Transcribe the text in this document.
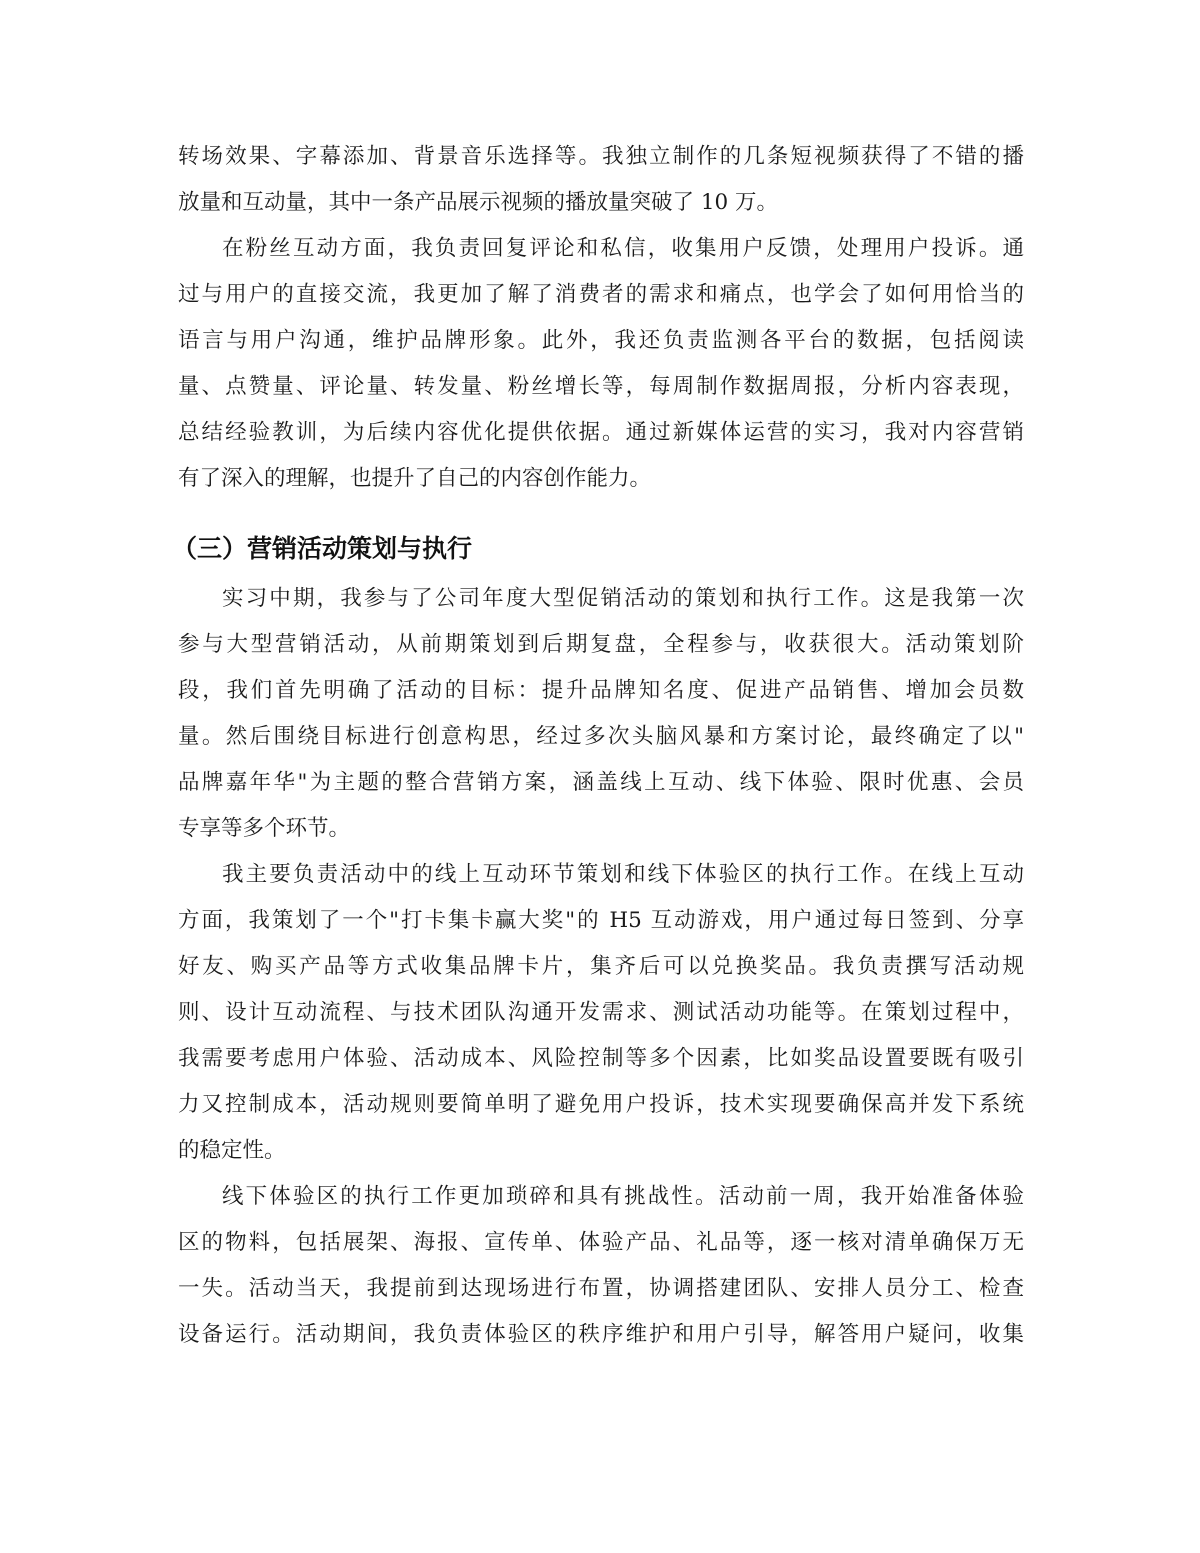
转场效果、字幕添加、背景音乐选择等。我独立制作的几条短视频获得了不错的播
放量和互动量，其中一条产品展示视频的播放量突破了 10 万。
在粉丝互动方面，我负责回复评论和私信，收集用户反馈，处理用户投诉。通
过与用户的直接交流，我更加了解了消费者的需求和痛点，也学会了如何用恰当的
语言与用户沟通，维护品牌形象。此外，我还负责监测各平台的数据，包括阅读
量、点赞量、评论量、转发量、粉丝增长等，每周制作数据周报，分析内容表现，
总结经验教训，为后续内容优化提供依据。通过新媒体运营的实习，我对内容营销
有了深入的理解，也提升了自己的内容创作能力。
（三）营销活动策划与执行
实习中期，我参与了公司年度大型促销活动的策划和执行工作。这是我第一次
参与大型营销活动，从前期策划到后期复盘，全程参与，收获很大。活动策划阶
段，我们首先明确了活动的目标：提升品牌知名度、促进产品销售、增加会员数
量。然后围绕目标进行创意构思，经过多次头脑风暴和方案讨论，最终确定了以"
品牌嘉年华"为主题的整合营销方案，涵盖线上互动、线下体验、限时优惠、会员
专享等多个环节。
我主要负责活动中的线上互动环节策划和线下体验区的执行工作。在线上互动
方面，我策划了一个"打卡集卡赢大奖"的 H5 互动游戏，用户通过每日签到、分享
好友、购买产品等方式收集品牌卡片，集齐后可以兑换奖品。我负责撰写活动规
则、设计互动流程、与技术团队沟通开发需求、测试活动功能等。在策划过程中，
我需要考虑用户体验、活动成本、风险控制等多个因素，比如奖品设置要既有吸引
力又控制成本，活动规则要简单明了避免用户投诉，技术实现要确保高并发下系统
的稳定性。
线下体验区的执行工作更加琐碎和具有挑战性。活动前一周，我开始准备体验
区的物料，包括展架、海报、宣传单、体验产品、礼品等，逐一核对清单确保万无
一失。活动当天，我提前到达现场进行布置，协调搭建团队、安排人员分工、检查
设备运行。活动期间，我负责体验区的秩序维护和用户引导，解答用户疑问，收集
